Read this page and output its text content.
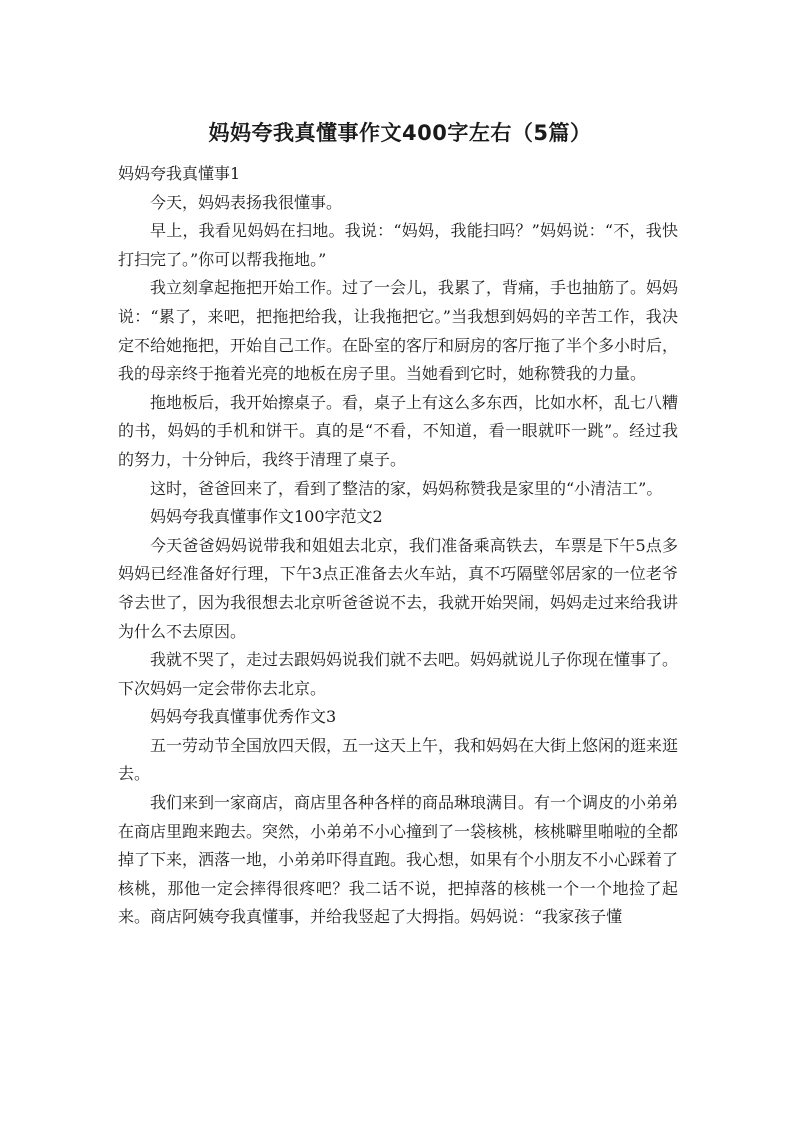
妈妈夸我真懂事作文400字左右（5篇）

妈妈夸我真懂事1

今天，妈妈表扬我很懂事。

早上，我看见妈妈在扫地。我说：“妈妈，我能扫吗？”妈妈说：“不，我快打扫完了。”你可以帮我拖地。”

我立刻拿起拖把开始工作。过了一会儿，我累了，背痛，手也抽筋了。妈妈说：“累了，来吧，把拖把给我，让我拖把它。”当我想到妈妈的辛苦工作，我决定不给她拖把，开始自己工作。在卧室的客厅和厨房的客厅拖了半个多小时后，我的母亲终于拖着光亮的地板在房子里。当她看到它时，她称赞我的力量。

拖地板后，我开始擦桌子。看，桌子上有这么多东西，比如水杯，乱七八糟的书，妈妈的手机和饼干。真的是“不看，不知道，看一眼就吓一跳”。经过我的努力，十分钟后，我终于清理了桌子。

这时，爸爸回来了，看到了整洁的家，妈妈称赞我是家里的“小清洁工”。

妈妈夸我真懂事作文100字范文2

今天爸爸妈妈说带我和姐姐去北京，我们准备乘高铁去，车票是下午5点多妈妈已经准备好行理，下午3点正准备去火车站，真不巧隔壁邻居家的一位老爷爷去世了，因为我很想去北京听爸爸说不去，我就开始哭闹，妈妈走过来给我讲为什么不去原因。

我就不哭了，走过去跟妈妈说我们就不去吧。妈妈就说儿子你现在懂事了。下次妈妈一定会带你去北京。

妈妈夸我真懂事优秀作文3

五一劳动节全国放四天假，五一这天上午，我和妈妈在大街上悠闲的逛来逛去。

我们来到一家商店，商店里各种各样的商品琳琅满目。有一个调皮的小弟弟在商店里跑来跑去。突然，小弟弟不小心撞到了一袋核桃，核桃噼里啪啦的全都掉了下来，洒落一地，小弟弟吓得直跑。我心想，如果有个小朋友不小心踩着了核桃，那他一定会摔得很疼吧？我二话不说，把掉落的核桃一个一个地捡了起来。商店阿姨夸我真懂事，并给我竖起了大拇指。妈妈说：“我家孩子懂
